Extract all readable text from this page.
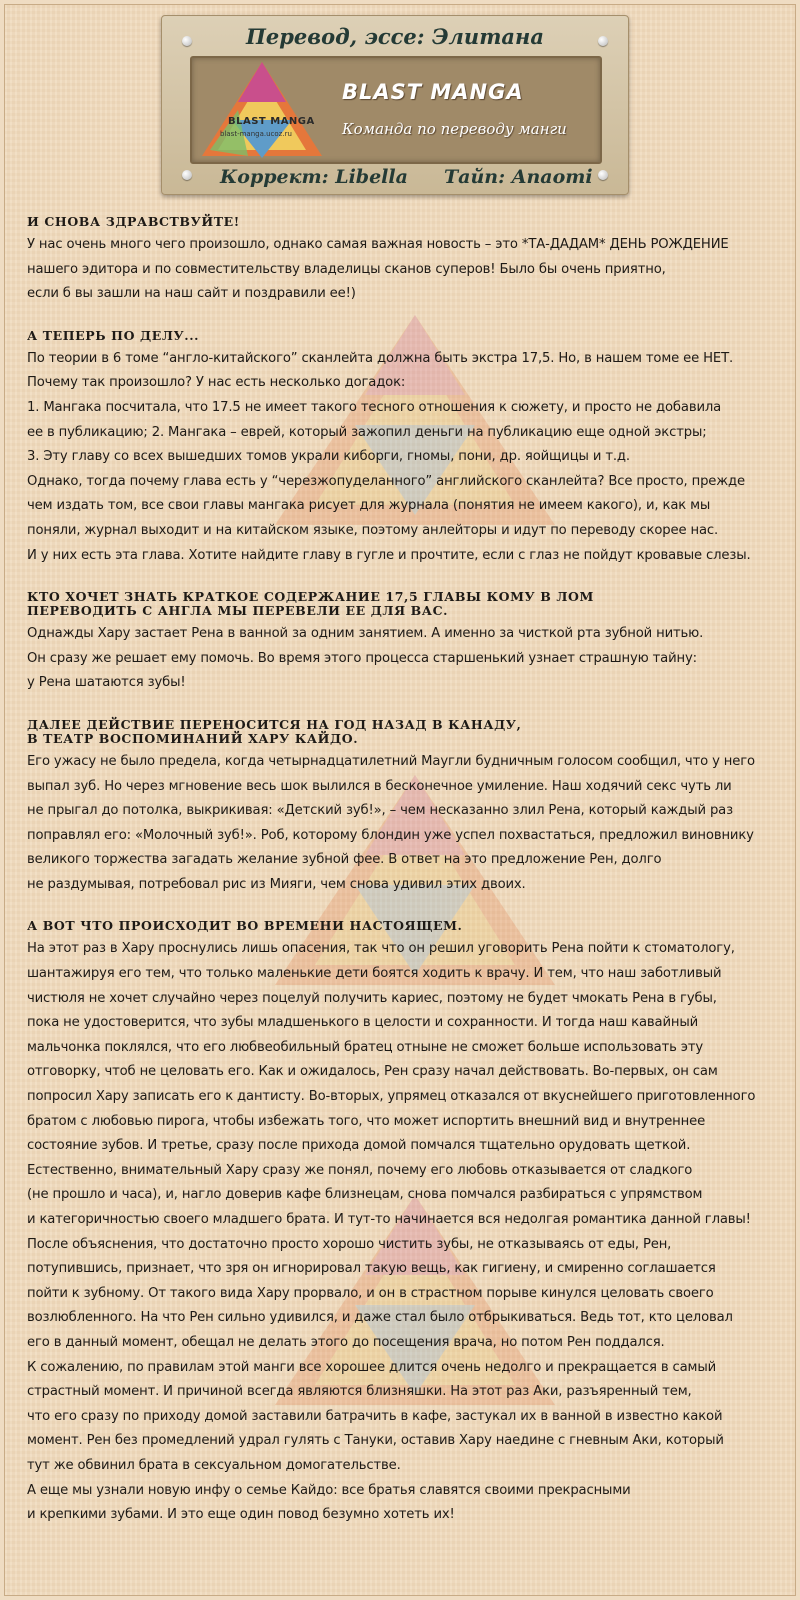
Перевод, эссе: Элитана
BLAST MANGA
blast-manga.ucoz.ru
BLAST MANGA
Команда по переводу манги
Коррект: Libella Тайп: Anaomi
И СНОВА ЗДРАВСТВУЙТЕ!
У нас очень много чего произошло, однако самая важная новость – это *ТА-ДАДАМ* ДЕНЬ РОЖДЕНИЕ
нашего эдитора и по совместительству владелицы сканов суперов! Было бы очень приятно,
если б вы зашли на наш сайт и поздравили ее!)
А ТЕПЕРЬ ПО ДЕЛУ...
По теории в 6 томе “англо-китайского” сканлейта должна быть экстра 17,5. Но, в нашем томе ее НЕТ.
Почему так произошло? У нас есть несколько догадок:
1. Мангака посчитала, что 17.5 не имеет такого тесного отношения к сюжету, и просто не добавила
ее в публикацию; 2. Мангака – еврей, который зажопил деньги на публикацию еще одной экстры;
3. Эту главу со всех вышедших томов украли киборги, гномы, пони, др. яойщицы и т.д.
Однако, тогда почему глава есть у “черезжопуделанного” английского сканлейта? Все просто, прежде
чем издать том, все свои главы мангака рисует для журнала (понятия не имеем какого), и, как мы
поняли, журнал выходит и на китайском языке, поэтому анлейторы и идут по переводу скорее нас.
И у них есть эта глава. Хотите найдите главу в гугле и прочтите, если с глаз не пойдут кровавые слезы.
КТО ХОЧЕТ ЗНАТЬ КРАТКОЕ СОДЕРЖАНИЕ 17,5 ГЛАВЫ КОМУ В ЛОМ
ПЕРЕВОДИТЬ С АНГЛА МЫ ПЕРЕВЕЛИ ЕЕ ДЛЯ ВАС.
Однажды Хару застает Рена в ванной за одним занятием. А именно за чисткой рта зубной нитью.
Он сразу же решает ему помочь. Во время этого процесса старшенький узнает страшную тайну:
у Рена шатаются зубы!
ДАЛЕЕ ДЕЙСТВИЕ ПЕРЕНОСИТСЯ НА ГОД НАЗАД В КАНАДУ,
В ТЕАТР ВОСПОМИНАНИЙ ХАРУ КАЙДО.
Его ужасу не было предела, когда четырнадцатилетний Маугли будничным голосом сообщил, что у него
выпал зуб. Но через мгновение весь шок вылился в бесконечное умиление. Наш ходячий секс чуть ли
не прыгал до потолка, выкрикивая: «Детский зуб!», – чем несказанно злил Рена, который каждый раз
поправлял его: «Молочный зуб!». Роб, которому блондин уже успел похвастаться, предложил виновнику
великого торжества загадать желание зубной фее. В ответ на это предложение Рен, долго
не раздумывая, потребовал рис из Мияги, чем снова удивил этих двоих.
А ВОТ ЧТО ПРОИСХОДИТ ВО ВРЕМЕНИ НАСТОЯЩЕМ.
На этот раз в Хару проснулись лишь опасения, так что он решил уговорить Рена пойти к стоматологу,
шантажируя его тем, что только маленькие дети боятся ходить к врачу. И тем, что наш заботливый
чистюля не хочет случайно через поцелуй получить кариес, поэтому не будет чмокать Рена в губы,
пока не удостоверится, что зубы младшенького в целости и сохранности. И тогда наш кавайный
мальчонка поклялся, что его любвеобильный братец отныне не сможет больше использовать эту
отговорку, чтоб не целовать его. Как и ожидалось, Рен сразу начал действовать. Во-первых, он сам
попросил Хару записать его к дантисту. Во-вторых, упрямец отказался от вкуснейшего приготовленного
братом с любовью пирога, чтобы избежать того, что может испортить внешний вид и внутреннее
состояние зубов. И третье, сразу после прихода домой помчался тщательно орудовать щеткой.
Естественно, внимательный Хару сразу же понял, почему его любовь отказывается от сладкого
(не прошло и часа), и, нагло доверив кафе близнецам, снова помчался разбираться с упрямством
и категоричностью своего младшего брата. И тут-то начинается вся недолгая романтика данной главы!
После объяснения, что достаточно просто хорошо чистить зубы, не отказываясь от еды, Рен,
потупившись, признает, что зря он игнорировал такую вещь, как гигиену, и смиренно соглашается
пойти к зубному. От такого вида Хару прорвало, и он в страстном порыве кинулся целовать своего
возлюбленного. На что Рен сильно удивился, и даже стал было отбрыкиваться. Ведь тот, кто целовал
его в данный момент, обещал не делать этого до посещения врача, но потом Рен поддался.
К сожалению, по правилам этой манги все хорошее длится очень недолго и прекращается в самый
страстный момент. И причиной всегда являются близняшки. На этот раз Аки, разъяренный тем,
что его сразу по приходу домой заставили батрачить в кафе, застукал их в ванной в известно какой
момент. Рен без промедлений удрал гулять с Тануки, оставив Хару наедине с гневным Аки, который
тут же обвинил брата в сексуальном домогательстве.
А еще мы узнали новую инфу о семье Кайдо: все братья славятся своими прекрасными
и крепкими зубами. И это еще один повод безумно хотеть их!
